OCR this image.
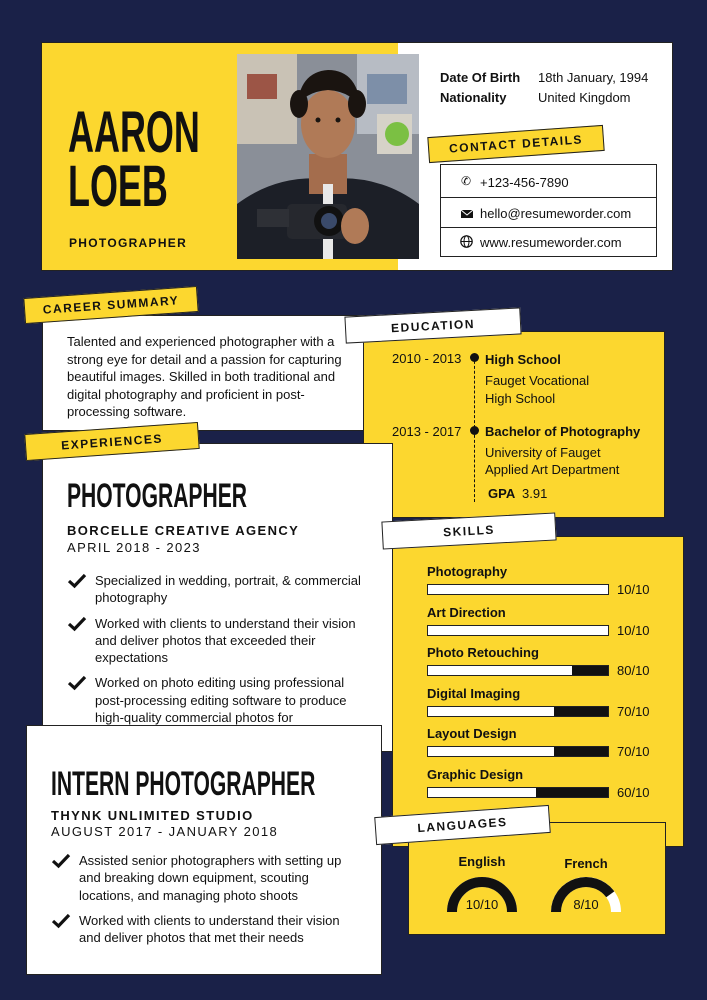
AARON
LOEB
PHOTOGRAPHER
Date Of Birth 18th January, 1994
Nationality United Kingdom
CONTACT DETAILS
✆ +123-456-7890
hello@resumeworder.com
www.resumeworder.com
Talented and experienced photographer with a strong eye for detail and a passion for capturing beautiful images. Skilled in both traditional and digital photography and proficient in post-processing software.
CAREER SUMMARY
2010 - 2013 High School
Fauget Vocational
High School
2013 - 2017 Bachelor of Photography
University of Fauget
Applied Art Department
GPA 3.91
EDUCATION
PHOTOGRAPHER
BORCELLE CREATIVE AGENCY
APRIL 2018 - 2023
Specialized in wedding, portrait, & commercial photography
Worked with clients to understand their vision and deliver photos that exceeded their expectations
Worked on photo editing using professional post-processing editing software to produce high-quality commercial photos for
EXPERIENCES
INTERN PHOTOGRAPHER
THYNK UNLIMITED STUDIO
AUGUST 2017 - JANUARY 2018
Assisted senior photographers with setting up and breaking down equipment, scouting locations, and managing photo shoots
Worked with clients to understand their vision and deliver photos that met their needs
SKILLS
Photography
10/10
Art Direction
10/10
Photo Retouching
80/10
Digital Imaging
70/10
Layout Design
70/10
Graphic Design
60/10
LANGUAGES
English
10/10
French
8/10
